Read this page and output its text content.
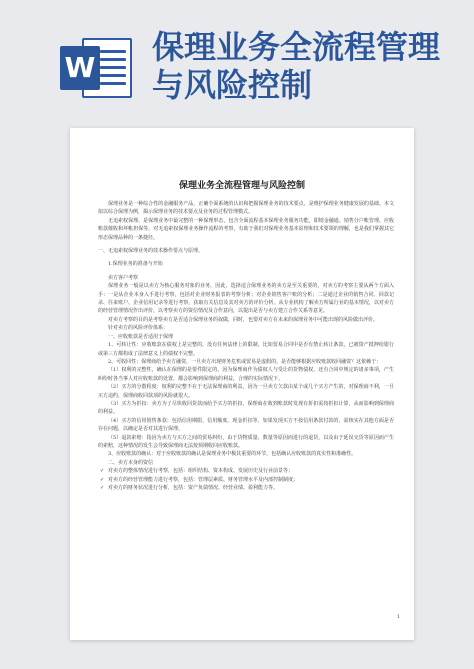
W
保理业务全流程管理与风险控制
保理业务全流程管理与风险控制

保理业务是一种综合性的金融服务产品，正确全面系统的认识和把握保理业务的技术要点，是维护保理业务健康发展的基础。本文拟以综合保理为例，揭示保理业务的技术要点及业务的过程管理模式。

无追索权保理、是保理业务中最完整的一种保理形态，包含全面流程基本保理业务服务功能，即销金融通、销售分户帐管理、应收账款催收和坏帐担保等。对无追索权保理业务操作流程的考察，有助于我们对保理业务基本原理和技术要领的理解，也是我们掌握其它形态保理品种的一条捷径。

一、无追索权保理业务的技术操作要点与原理。

1.保理业务的准备与开始

卖方客户考察

保理业务一般是以卖方为核心服务对象的业务，因此，选择适合保理业务的卖方是至关重要的，对卖方的考察主要从两个方面入手：一是从企业本身入手进行考察，包括对企业财务报表的考察分析；对企业销售客户账的分析；二是通过企业的销售合同、回款记录、往来账户、企业信用记录等进行考察，获取有关信息及其对卖方的评价分析。从专业机构了解卖方所属行业的基本情况，以对卖方的经营管理情况作出评价，以考察卖方的资信情况及合作意向，以提出是否与卖方建立合作关系等意见。

对卖方考察的目的是考察卖方是否适合保理业务的叙做，同时，也要对卖方在未来的保理业务中可能出现的风险做出评价。

针对卖方的风险评价体系：

一、应收账款是否适用于保理

1、可转让性：应收账款在债权上是完整的，没有任何法律上的限制，比如贸易合同中是否有禁止转让条款，已被资产抵押给银行或第三方都构成了法律意义上的债权不完整。

2、可收回性：保理商给予卖方融资，一旦卖方出现财务危机或贸易是虚假的，是否能够根据应收账款收回融资？这依赖于：

（1）权利的完整性，确认在保理的是要件限定的，因为保理商作为债权人与受让的货物债权，还有合同中规定的诸多事项，产生纠纷时各当事人对应收账款的处置，都会影响到保理商的利益，合理的实际情况下。

（2）买方的分散程度：权利的完整不在于无法保理商的利益，因为一旦卖方欠款由某个或几个买方产生的，对保理商不利，一旦买方违约，保理商收回款项的风险就很大。

（3）买方为折扣：卖方为了尽快收回货款而给予买方的折扣，保理商在收到账款时发现有折扣需按折扣计算，从而影响到保理商的利益。

（4）买方的信用销售条款：包括信用期限、信用额度、现金折扣等，如果发现买方不按信用条款付款的，需核实在其他方面是否存在问题，以确定是否对其进行保理。

（5）退款索赔：指因为卖方与买方之间的贸易纠纷，由于货物质量、数量等原因而进行的退货，以及由于延误交货等原因而产生的索赔，这种情况的发生会导致保理商无法按预期收回应收账款。

3、应收账款的确认：对于应收账款的确认是保理业务中极其重要的环节，包括确认应收账款的真实性和准确性。

二、卖方本身的资信

✓ 对卖方的整体情况进行考察，包括：组织结构、资本构成、发展历史及行业前景等；

✓ 对卖方的经营管理能力进行考察，包括：管理层素质、财务管理水平及内部控制制度；

✓ 对卖方的财务状况进行分析，包括：资产负债情况、经营业绩、盈利能力等。

1
